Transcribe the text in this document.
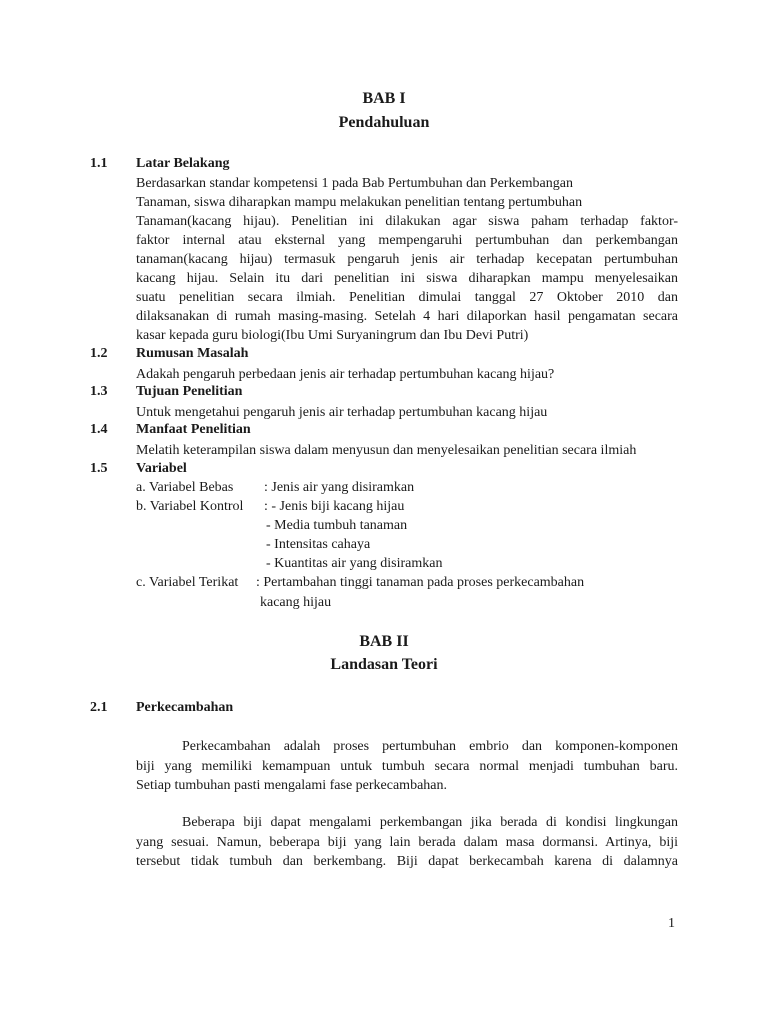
BAB I
Pendahuluan
1.1 Latar Belakang
Berdasarkan standar kompetensi 1 pada Bab Pertumbuhan dan Perkembangan
Tanaman, siswa diharapkan mampu melakukan penelitian tentang pertumbuhan
Tanaman(kacang hijau). Penelitian ini dilakukan agar siswa paham terhadap faktor-
faktor internal atau eksternal yang mempengaruhi pertumbuhan dan perkembangan
tanaman(kacang hijau) termasuk pengaruh jenis air terhadap kecepatan pertumbuhan
kacang hijau. Selain itu dari penelitian ini siswa diharapkan mampu menyelesaikan
suatu penelitian secara ilmiah. Penelitian dimulai tanggal 27 Oktober 2010 dan
dilaksanakan di rumah masing-masing. Setelah 4 hari dilaporkan hasil pengamatan secara
kasar kepada guru biologi(Ibu Umi Suryaningrum dan Ibu Devi Putri)
1.2 Rumusan Masalah
Adakah pengaruh perbedaan jenis air terhadap pertumbuhan kacang hijau?
1.3 Tujuan Penelitian
Untuk mengetahui pengaruh jenis air terhadap pertumbuhan kacang hijau
1.4 Manfaat Penelitian
Melatih keterampilan siswa dalam menyusun dan menyelesaikan penelitian secara ilmiah
1.5 Variabel
a. Variabel Bebas : Jenis air yang disiramkan
b. Variabel Kontrol : - Jenis biji kacang hijau
- Media tumbuh tanaman
- Intensitas cahaya
- Kuantitas air yang disiramkan
c. Variabel Terikat : Pertambahan tinggi tanaman pada proses perkecambahan
kacang hijau
BAB II
Landasan Teori
2.1 Perkecambahan
Perkecambahan adalah proses pertumbuhan embrio dan komponen-komponen
biji yang memiliki kemampuan untuk tumbuh secara normal menjadi tumbuhan baru.
Setiap tumbuhan pasti mengalami fase perkecambahan.
Beberapa biji dapat mengalami perkembangan jika berada di kondisi lingkungan
yang sesuai. Namun, beberapa biji yang lain berada dalam masa dormansi. Artinya, biji
tersebut tidak tumbuh dan berkembang. Biji dapat berkecambah karena di dalamnya
1
